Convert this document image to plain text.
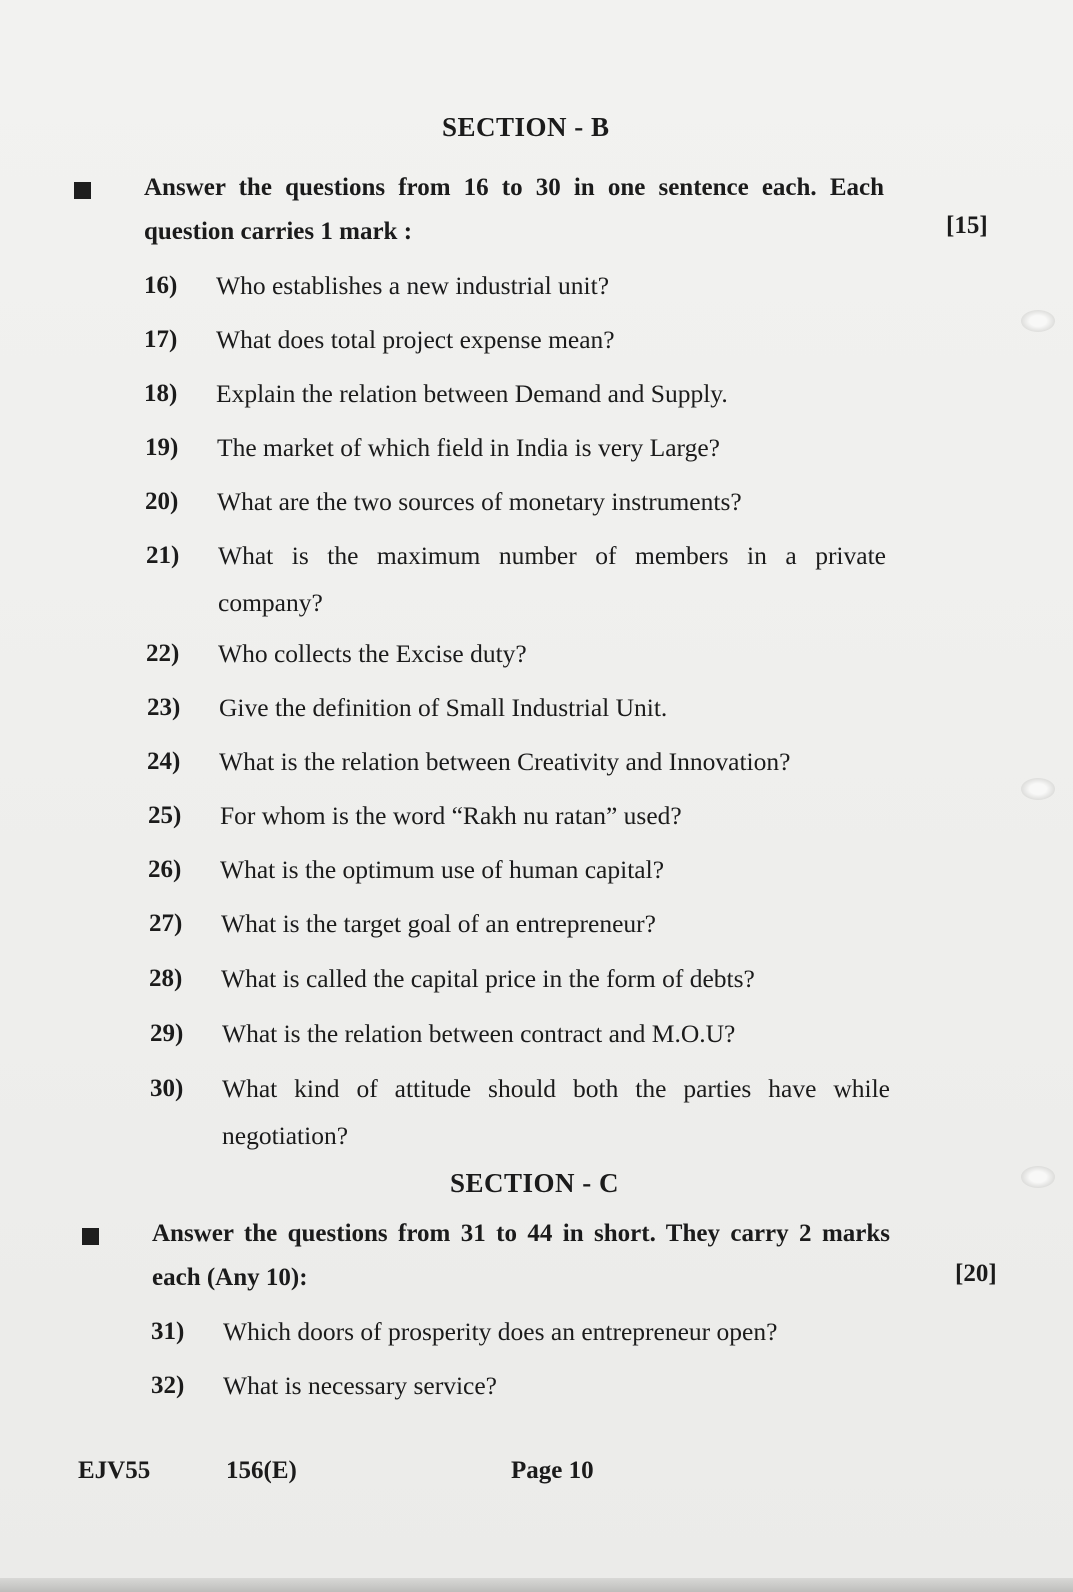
SECTION - B
Answer the questions from 16 to 30 in one sentence each. Each question carries 1 mark :	[15]
16) Who establishes a new industrial unit?
17) What does total project expense mean?
18) Explain the relation between Demand and Supply.
19) The market of which field in India is very Large?
20) What are the two sources of monetary instruments?
21) What is the maximum number of members in a private company?
22) Who collects the Excise duty?
23) Give the definition of Small Industrial Unit.
24) What is the relation between Creativity and Innovation?
25) For whom is the word “Rakh nu ratan” used?
26) What is the optimum use of human capital?
27) What is the target goal of an entrepreneur?
28) What is called the capital price in the form of debts?
29) What is the relation between contract and M.O.U?
30) What kind of attitude should both the parties have while negotiation?
SECTION - C
Answer the questions from 31 to 44 in short. They carry 2 marks each (Any 10):	[20]
31) Which doors of prosperity does an entrepreneur open?
32) What is necessary service?
EJV55	156(E)	Page 10
